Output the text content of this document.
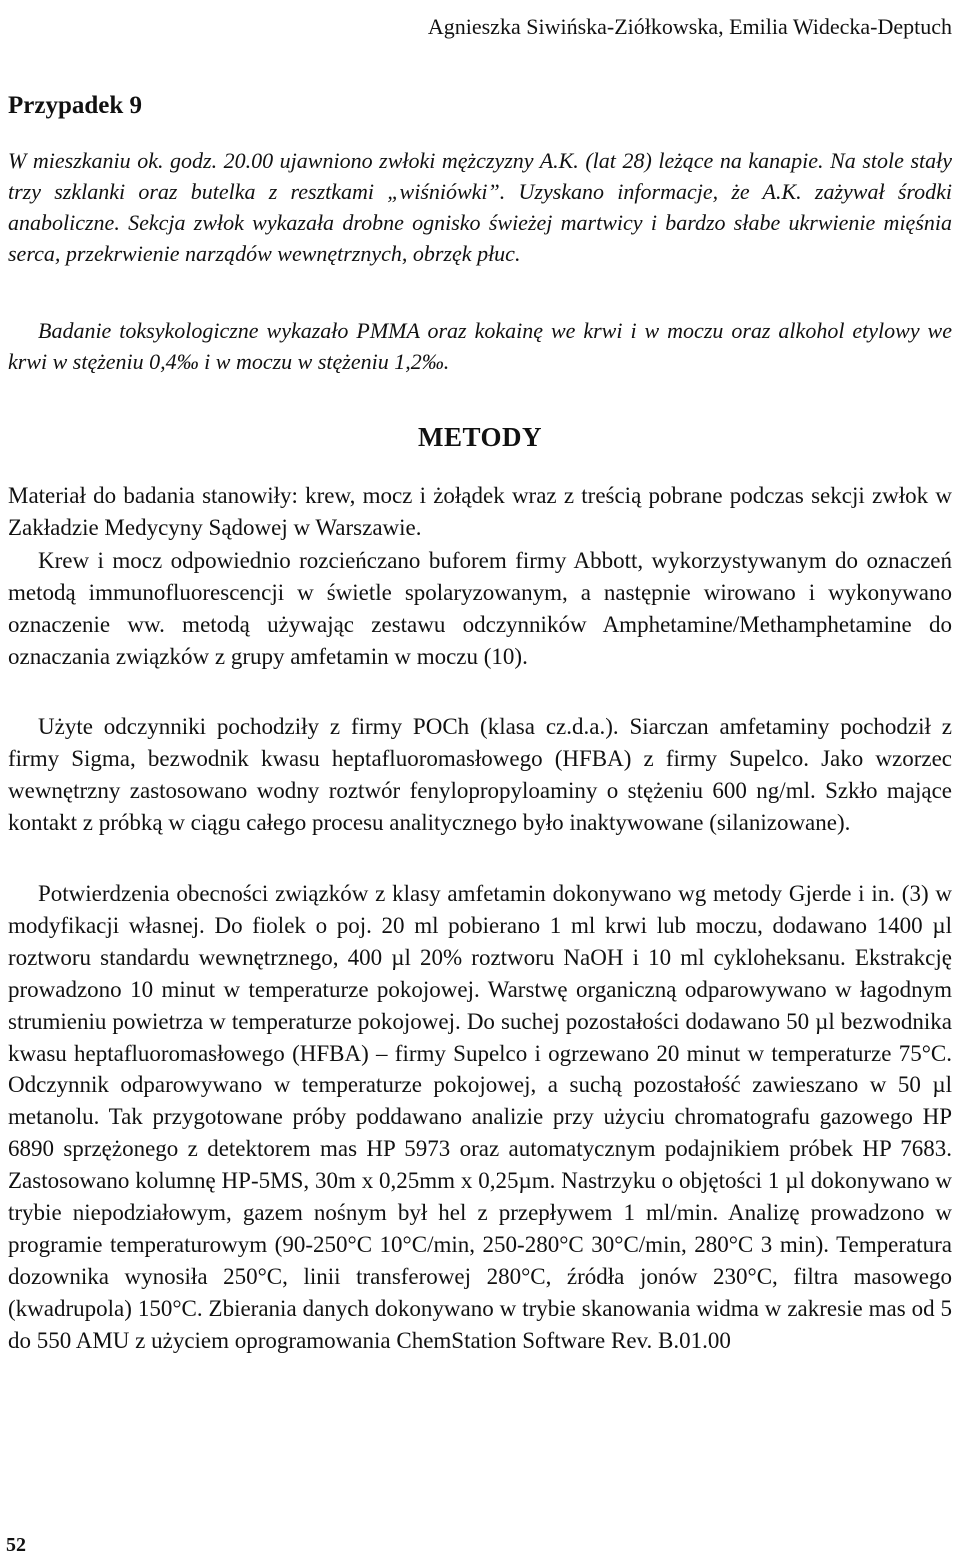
Agnieszka Siwińska-Ziółkowska, Emilia Widecka-Deptuch
Przypadek 9

W mieszkaniu ok. godz. 20.00 ujawniono zwłoki mężczyzny A.K. (lat 28) leżące na kanapie. Na stole stały trzy szklanki oraz butelka z resztkami „wiśniówki”. Uzyskano informacje, że A.K. zażywał środki anaboliczne. Sekcja zwłok wykazała drobne ognisko świeżej martwicy i bardzo słabe ukrwienie mięśnia serca, przekrwienie narządów wewnętrznych, obrzęk płuc.

Badanie toksykologiczne wykazało PMMA oraz kokainę we krwi i w moczu oraz alkohol etylowy we krwi w stężeniu 0,4‰ i w moczu w stężeniu 1,2‰.

METODY

Materiał do badania stanowiły: krew, mocz i żołądek wraz z treścią pobrane podczas sekcji zwłok w Zakładzie Medycyny Sądowej w Warszawie.

Krew i mocz odpowiednio rozcieńczano buforem firmy Abbott, wykorzystywanym do oznaczeń metodą immunofluorescencji w świetle spolaryzowanym, a następnie wirowano i wykonywano oznaczenie ww. metodą używając zestawu odczynników Amphetamine/Methamphetamine do oznaczania związków z grupy amfetamin w moczu (10).

Użyte odczynniki pochodziły z firmy POCh (klasa cz.d.a.). Siarczan amfetaminy pochodził z firmy Sigma, bezwodnik kwasu heptafluoromasłowego (HFBA) z firmy Supelco. Jako wzorzec wewnętrzny zastosowano wodny roztwór fenylopropyloaminy o stężeniu 600 ng/ml. Szkło mające kontakt z próbką w ciągu całego procesu analitycznego było inaktywowane (silanizowane).

Potwierdzenia obecności związków z klasy amfetamin dokonywano wg metody Gjerde i in. (3) w modyfikacji własnej. Do fiolek o poj. 20 ml pobierano 1 ml krwi lub moczu, dodawano 1400 µl roztworu standardu wewnętrznego, 400 µl 20% roztworu NaOH i 10 ml cykloheksanu. Ekstrakcję prowadzono 10 minut w temperaturze pokojowej. Warstwę organiczną odparowywano w łagodnym strumieniu powietrza w temperaturze pokojowej. Do suchej pozostałości dodawano 50 µl bezwodnika kwasu heptafluoromasłowego (HFBA) – firmy Supelco i ogrzewano 20 minut w temperaturze 75°C. Odczynnik odparowywano w temperaturze pokojowej, a suchą pozostałość zawieszano w 50 µl metanolu. Tak przygotowane próby poddawano analizie przy użyciu chromatografu gazowego HP 6890 sprzężonego z detektorem mas HP 5973 oraz automatycznym podajnikiem próbek HP 7683. Zastosowano kolumnę HP-5MS, 30m x 0,25mm x 0,25µm. Nastrzyku o objętości 1 µl dokonywano w trybie niepodziałowym, gazem nośnym był hel z przepływem 1 ml/min. Analizę prowadzono w programie temperaturowym (90-250°C 10°C/min, 250-280°C 30°C/min, 280°C 3 min). Temperatura dozownika wynosiła 250°C, linii transferowej 280°C, źródła jonów 230°C, filtra masowego (kwadrupola) 150°C. Zbierania danych dokonywano w trybie skanowania widma w zakresie mas od 5 do 550 AMU z użyciem oprogramowania ChemStation Software Rev. B.01.00

52
